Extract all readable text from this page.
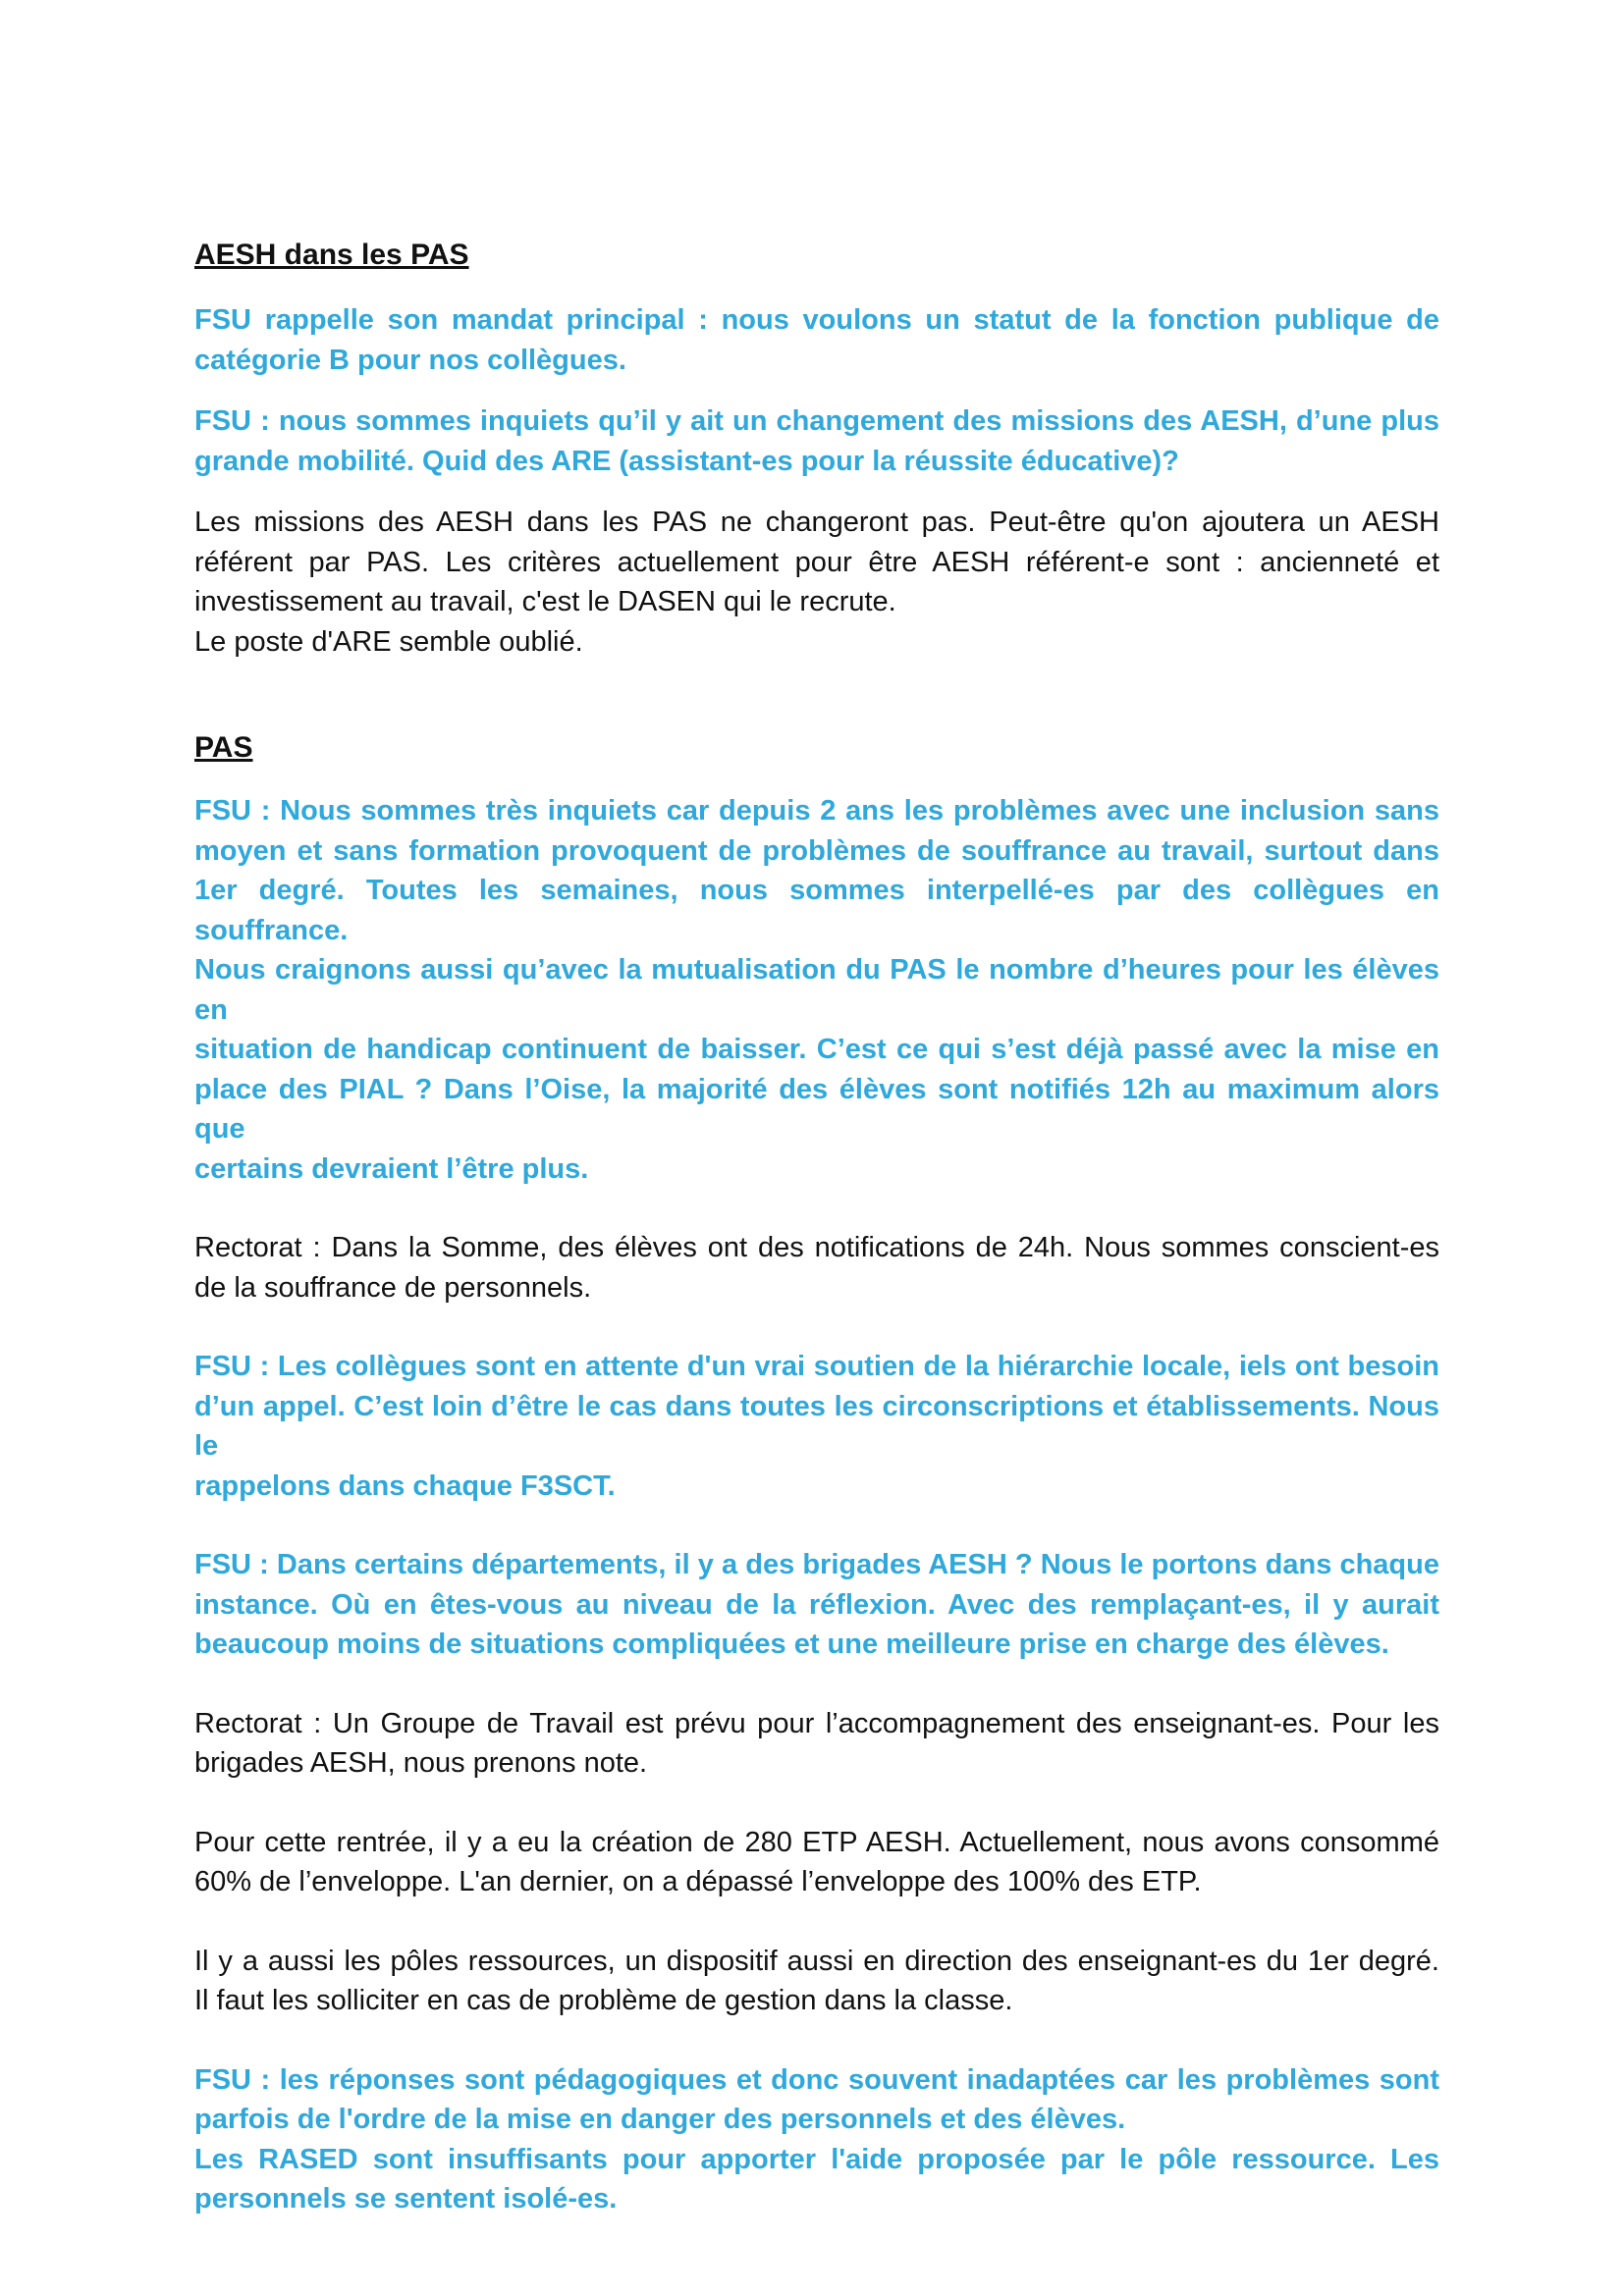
AESH dans les PAS

FSU rappelle son mandat principal : nous voulons un statut de la fonction publique de
catégorie B pour nos collègues.

FSU : nous sommes inquiets qu’il y ait un changement des missions des AESH, d’une plus
grande mobilité. Quid des ARE (assistant-es pour la réussite éducative)?

Les missions des AESH dans les PAS ne changeront pas. Peut-être qu'on ajoutera un AESH
référent par PAS. Les critères actuellement pour être AESH référent-e sont : ancienneté et
investissement au travail, c'est le DASEN qui le recrute.
Le poste d'ARE semble oublié.

PAS

FSU : Nous sommes très inquiets car depuis 2 ans les problèmes avec une inclusion sans
moyen et sans formation provoquent de problèmes de souffrance au travail, surtout dans
1er degré. Toutes les semaines, nous sommes interpellé-es par des collègues en souffrance.
Nous craignons aussi qu’avec la mutualisation du PAS le nombre d’heures pour les élèves en
situation de handicap continuent de baisser. C’est ce qui s’est déjà passé avec la mise en
place des PIAL ? Dans l’Oise, la majorité des élèves sont notifiés 12h au maximum alors que
certains devraient l’être plus.

Rectorat : Dans la Somme, des élèves ont des notifications de 24h. Nous sommes conscient-es
de la souffrance de personnels.

FSU : Les collègues sont en attente d'un vrai soutien de la hiérarchie locale, iels ont besoin
d’un appel. C’est loin d’être le cas dans toutes les circonscriptions et établissements. Nous le
rappelons dans chaque F3SCT.

FSU : Dans certains départements, il y a des brigades AESH ? Nous le portons dans chaque
instance. Où en êtes-vous au niveau de la réflexion. Avec des remplaçant-es, il y aurait
beaucoup moins de situations compliquées et une meilleure prise en charge des élèves.

Rectorat : Un Groupe de Travail est prévu pour l’accompagnement des enseignant-es. Pour les
brigades AESH, nous prenons note.

Pour cette rentrée, il y a eu la création de 280 ETP AESH. Actuellement, nous avons consommé
60% de l’enveloppe. L'an dernier, on a dépassé l’enveloppe des 100% des ETP.

Il y a aussi les pôles ressources, un dispositif aussi en direction des enseignant-es du 1er degré.
Il faut les solliciter en cas de problème de gestion dans la classe.

FSU : les réponses sont pédagogiques et donc souvent inadaptées car les problèmes sont
parfois de l'ordre de la mise en danger des personnels et des élèves.
Les RASED sont insuffisants pour apporter l'aide proposée par le pôle ressource. Les
personnels se sentent isolé-es.
